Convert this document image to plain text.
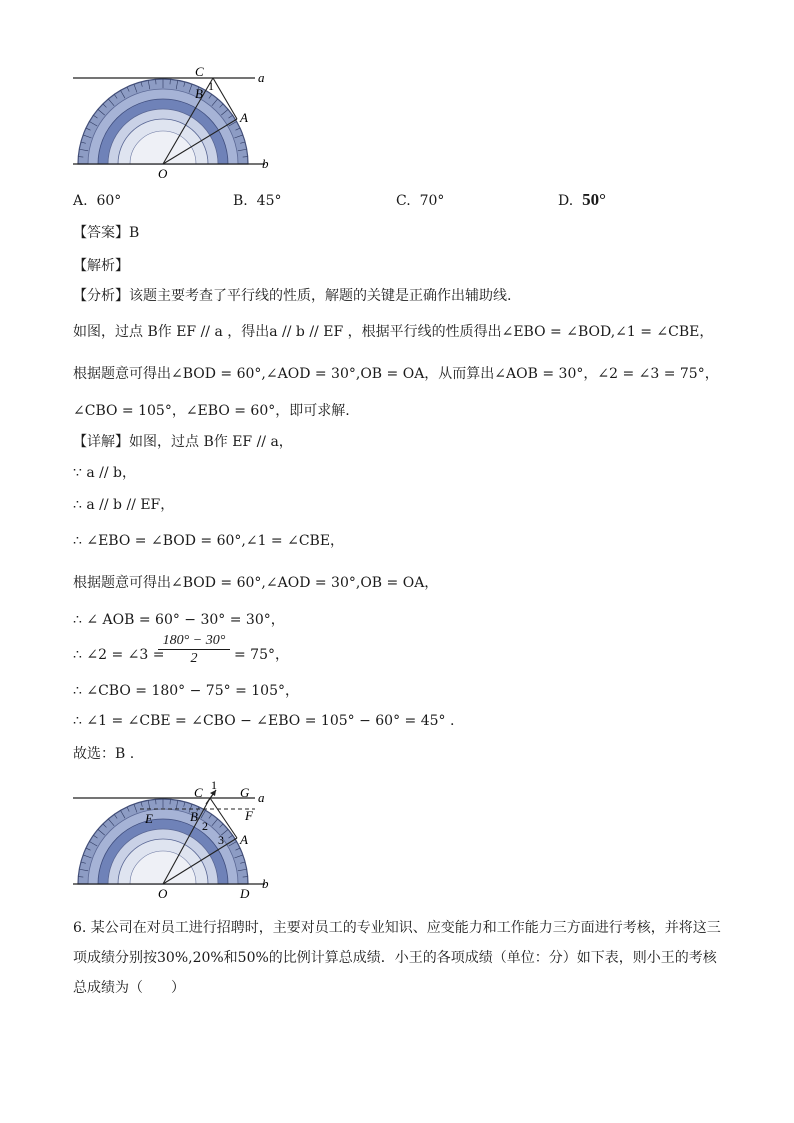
C	a
1
B
A
O
b
A. 60°	B. 45°	C. 70°	D. 50°
【答案】B
【解析】
【分析】该题主要考查了平行线的性质，解题的关键是正确作出辅助线.
如图，过点 B作 EF // a ，得出a // b // EF ，根据平行线的性质得出∠EBO = ∠BOD,∠1 = ∠CBE，
根据题意可得出∠BOD = 60°,∠AOD = 30°,OB = OA，从而算出∠AOB = 30°，∠2 = ∠3 = 75°，
∠CBO = 105°，∠EBO = 60°，即可求解.
【详解】如图，过点 B作 EF // a，
∵ a // b，
∴ a // b // EF，
∴ ∠EBO = ∠BOD = 60°,∠1 = ∠CBE，
根据题意可得出∠BOD = 60°,∠AOD = 30°,OB = OA，
∴ ∠ AOB = 60° − 30° = 30°，
∴ ∠2 = ∠3 =
180° − 30°
2	= 75°，
∴ ∠CBO = 180° − 75° = 105°，
∴ ∠1 = ∠CBE = ∠CBO − ∠EBO = 105° − 60° = 45° .
故选：B .
C 1 G a
E	B
2
F
3 A
O	D
b
6. 某公司在对员工进行招聘时，主要对员工的专业知识、应变能力和工作能力三方面进行考核，并将这三
项成绩分别按30%,20%和50%的比例计算总成绩．小王的各项成绩（单位：分）如下表，则小王的考核
总成绩为（　　）
